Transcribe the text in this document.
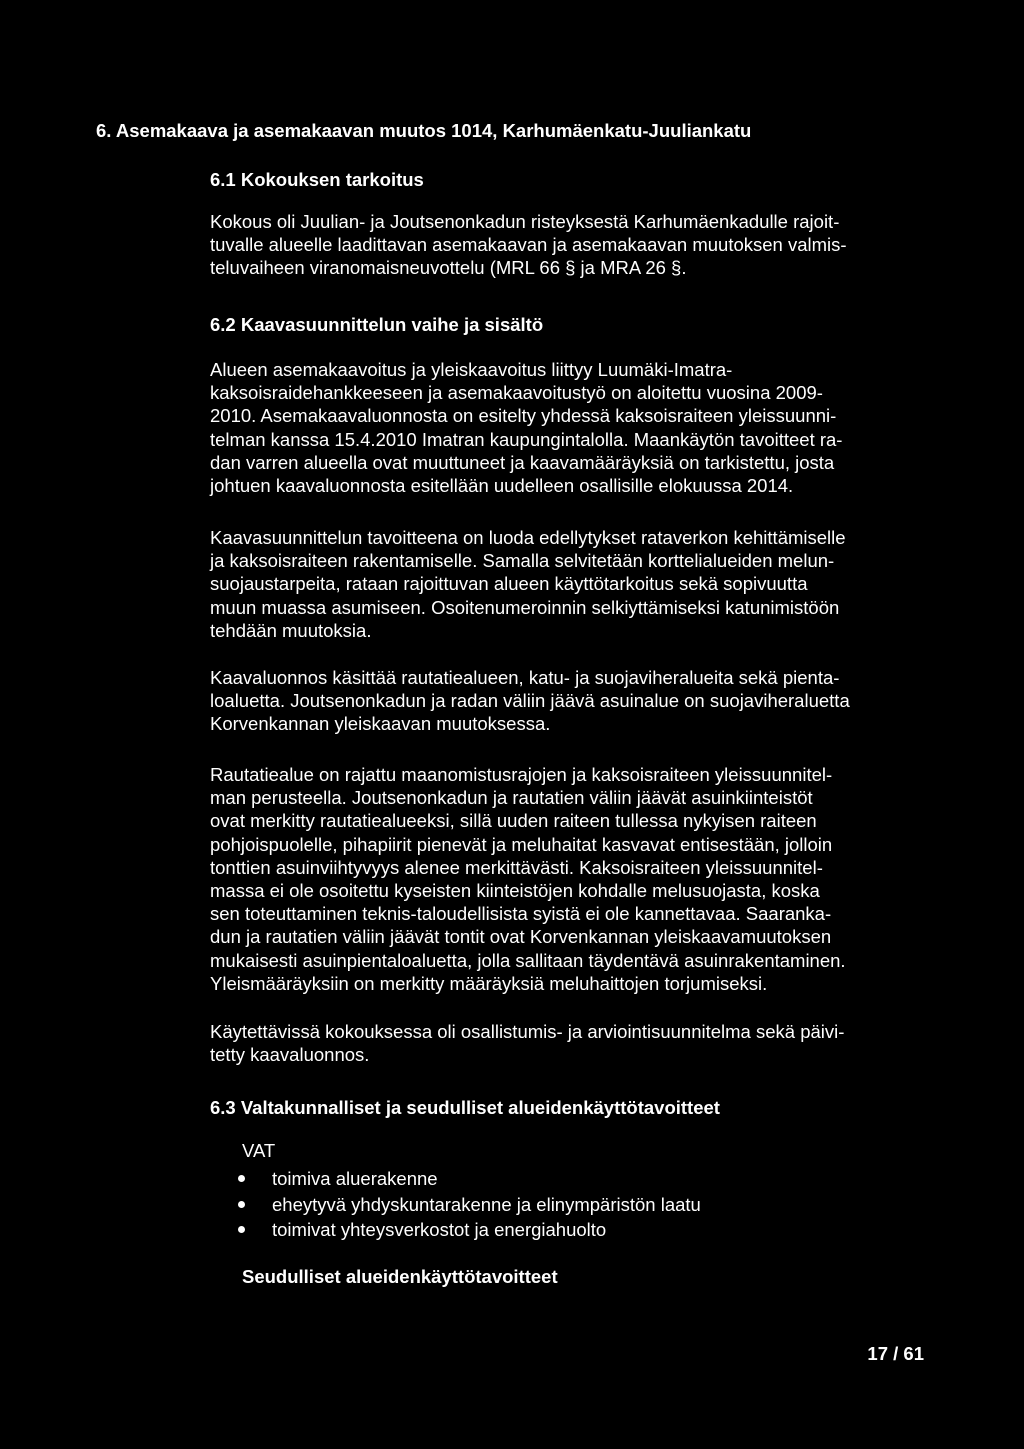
6. Asemakaava ja asemakaavan muutos 1014, Karhumäenkatu-Juuliankatu
6.1 Kokouksen tarkoitus
Kokous oli Juulian- ja Joutsenonkadun risteyksestä Karhumäenkadulle rajoit-
tuvalle alueelle laadittavan asemakaavan ja asemakaavan muutoksen valmis-
teluvaiheen viranomaisneuvottelu (MRL 66 § ja MRA 26 §.
6.2 Kaavasuunnittelun vaihe ja sisältö
Alueen asemakaavoitus ja yleiskaavoitus liittyy Luumäki-Imatra-
kaksoisraidehankkeeseen ja asemakaavoitustyö on aloitettu vuosina 2009-
2010. Asemakaavaluonnosta on esitelty yhdessä kaksoisraiteen yleissuunni-
telman kanssa 15.4.2010 Imatran kaupungintalolla. Maankäytön tavoitteet ra-
dan varren alueella ovat muuttuneet ja kaavamääräyksiä on tarkistettu, josta
johtuen kaavaluonnosta esitellään uudelleen osallisille elokuussa 2014.
Kaavasuunnittelun tavoitteena on luoda edellytykset rataverkon kehittämiselle
ja kaksoisraiteen rakentamiselle. Samalla selvitetään korttelialueiden melun-
suojaustarpeita, rataan rajoittuvan alueen käyttötarkoitus sekä sopivuutta
muun muassa asumiseen. Osoitenumeroinnin selkiyttämiseksi katunimistöön
tehdään muutoksia.
Kaavaluonnos käsittää rautatiealueen, katu- ja suojaviheralueita sekä pienta-
loaluetta. Joutsenonkadun ja radan väliin jäävä asuinalue on suojaviheraluetta
Korvenkannan yleiskaavan muutoksessa.
Rautatiealue on rajattu maanomistusrajojen ja kaksoisraiteen yleissuunnitel-
man perusteella. Joutsenonkadun ja rautatien väliin jäävät asuinkiinteistöt
ovat merkitty rautatiealueeksi, sillä uuden raiteen tullessa nykyisen raiteen
pohjoispuolelle, pihapiirit pienevät ja meluhaitat kasvavat entisestään, jolloin
tonttien asuinviihtyvyys alenee merkittävästi. Kaksoisraiteen yleissuunnitel-
massa ei ole osoitettu kyseisten kiinteistöjen kohdalle melusuojasta, koska
sen toteuttaminen teknis-taloudellisista syistä ei ole kannettavaa. Saaranka-
dun ja rautatien väliin jäävät tontit ovat Korvenkannan yleiskaavamuutoksen
mukaisesti asuinpientaloaluetta, jolla sallitaan täydentävä asuinrakentaminen.
Yleismääräyksiin on merkitty määräyksiä meluhaittojen torjumiseksi.
Käytettävissä kokouksessa oli osallistumis- ja arviointisuunnitelma sekä päivi-
tetty kaavaluonnos.
6.3 Valtakunnalliset ja seudulliset alueidenkäyttötavoitteet
VAT
toimiva aluerakenne
eheytyvä yhdyskuntarakenne ja elinympäristön laatu
toimivat yhteysverkostot ja energiahuolto
Seudulliset alueidenkäyttötavoitteet
17 / 61
